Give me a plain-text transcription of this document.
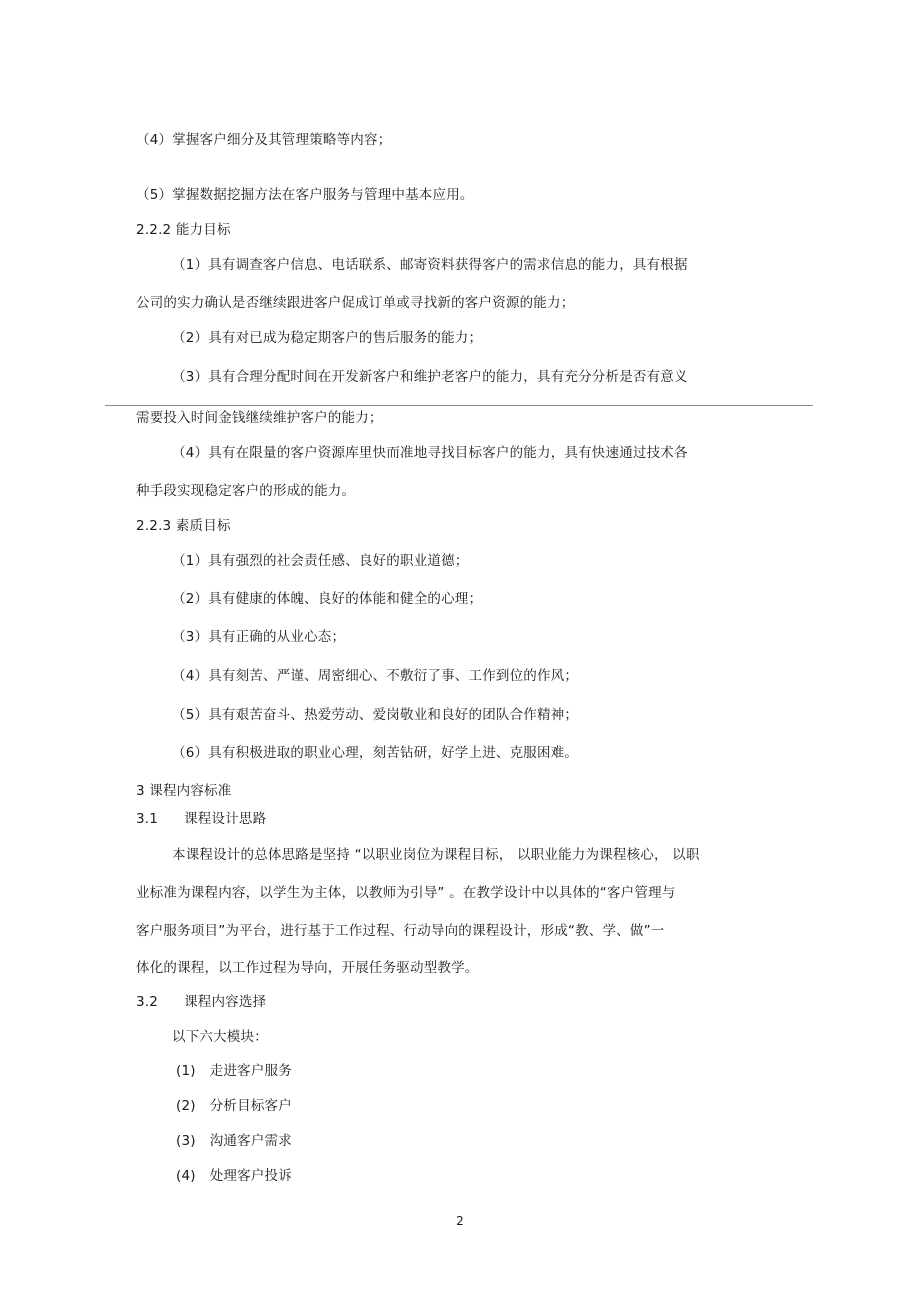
（4）掌握客户细分及其管理策略等内容；
（5）掌握数据挖掘方法在客户服务与管理中基本应用。
2.2.2 能力目标
（1）具有调查客户信息、电话联系、邮寄资料获得客户的需求信息的能力，具有根据
公司的实力确认是否继续跟进客户促成订单或寻找新的客户资源的能力；
（2）具有对已成为稳定期客户的售后服务的能力；
（3）具有合理分配时间在开发新客户和维护老客户的能力，具有充分分析是否有意义
需要投入时间金钱继续维护客户的能力；
（4）具有在限量的客户资源库里快而准地寻找目标客户的能力，具有快速通过技术各
种手段实现稳定客户的形成的能力。
2.2.3 素质目标
（1）具有强烈的社会责任感、良好的职业道德；
（2）具有健康的体魄、良好的体能和健全的心理；
（3）具有正确的从业心态；
（4）具有刻苦、严谨、周密细心、不敷衍了事、工作到位的作风；
（5）具有艰苦奋斗、热爱劳动、爱岗敬业和良好的团队合作精神；
（6）具有积极进取的职业心理，刻苦钻研，好学上进、克服困难。
3 课程内容标准
3.1 课程设计思路
本课程设计的总体思路是坚持 “以职业岗位为课程目标， 以职业能力为课程核心， 以职
业标准为课程内容，以学生为主体，以教师为引导” 。在教学设计中以具体的“客户管理与
客户服务项目”为平台，进行基于工作过程、行动导向的课程设计，形成“教、学、做”一
体化的课程，以工作过程为导向，开展任务驱动型教学。
3.2 课程内容选择
以下六大模块：
(1) 走进客户服务
(2) 分析目标客户
(3) 沟通客户需求
(4) 处理客户投诉
2
